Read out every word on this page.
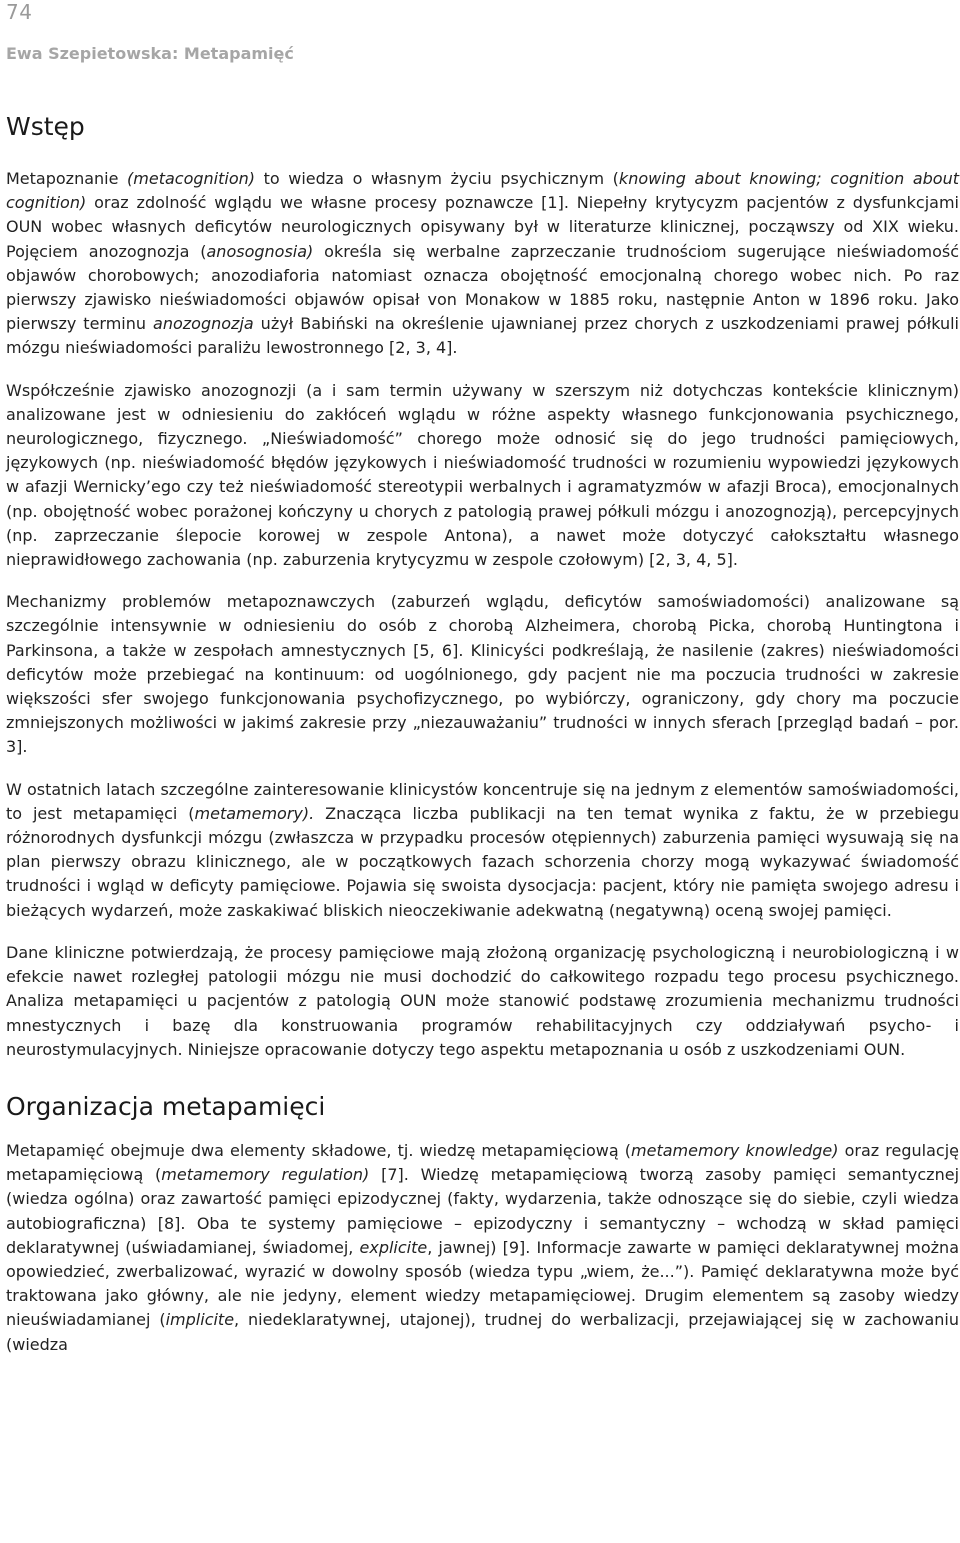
74
Ewa Szepietowska: Metapamięć
Wstęp

Metapoznanie (metacognition) to wiedza o własnym życiu psychicznym (knowing about knowing; cognition about cognition) oraz zdolność wglądu we własne procesy poznawcze [1]. Niepełny krytycyzm pacjentów z dysfunkcjami OUN wobec własnych deficytów neurologicznych opisywany był w literaturze klinicznej, począwszy od XIX wieku. Pojęciem anozognozja (anosognosia) określa się werbalne zaprzeczanie trudnościom sugerujące nieświadomość objawów chorobowych; anozodiaforia natomiast oznacza obojętność emocjonalną chorego wobec nich. Po raz pierwszy zjawisko nieświadomości objawów opisał von Monakow w 1885 roku, następnie Anton w 1896 roku. Jako pierwszy terminu anozognozja użył Babiński na określenie ujawnianej przez chorych z uszkodzeniami prawej półkuli mózgu nieświadomości paraliżu lewostronnego [2, 3, 4].

Współcześnie zjawisko anozognozji (a i sam termin używany w szerszym niż dotychczas kontekście klinicznym) analizowane jest w odniesieniu do zakłóceń wglądu w różne aspekty własnego funkcjonowania psychicznego, neurologicznego, fizycznego. „Nieświadomość” chorego może odnosić się do jego trudności pamięciowych, językowych (np. nieświadomość błędów językowych i nieświadomość trudności w rozumieniu wypowiedzi językowych w afazji Wernicky’ego czy też nieświadomość stereotypii werbalnych i agramatyzmów w afazji Broca), emocjonalnych (np. obojętność wobec porażonej kończyny u chorych z patologią prawej półkuli mózgu i anozognozją), percepcyjnych (np. zaprzeczanie ślepocie korowej w zespole Antona), a nawet może dotyczyć całokształtu własnego nieprawidłowego zachowania (np. zaburzenia krytycyzmu w zespole czołowym) [2, 3, 4, 5].

Mechanizmy problemów metapoznawczych (zaburzeń wglądu, deficytów samoświadomości) analizowane są szczególnie intensywnie w odniesieniu do osób z chorobą Alzheimera, chorobą Picka, chorobą Huntingtona i Parkinsona, a także w zespołach amnestycznych [5, 6]. Klinicyści podkreślają, że nasilenie (zakres) nieświadomości deficytów może przebiegać na kontinuum: od uogólnionego, gdy pacjent nie ma poczucia trudności w zakresie większości sfer swojego funkcjonowania psychofizycznego, po wybiórczy, ograniczony, gdy chory ma poczucie zmniejszonych możliwości w jakimś zakresie przy „niezauważaniu” trudności w innych sferach [przegląd badań – por. 3].

W ostatnich latach szczególne zainteresowanie klinicystów koncentruje się na jednym z elementów samoświadomości, to jest metapamięci (metamemory). Znacząca liczba publikacji na ten temat wynika z faktu, że w przebiegu różnorodnych dysfunkcji mózgu (zwłaszcza w przypadku procesów otępiennych) zaburzenia pamięci wysuwają się na plan pierwszy obrazu klinicznego, ale w początkowych fazach schorzenia chorzy mogą wykazywać świadomość trudności i wgląd w deficyty pamięciowe. Pojawia się swoista dysocjacja: pacjent, który nie pamięta swojego adresu i bieżących wydarzeń, może zaskakiwać bliskich nieoczekiwanie adekwatną (negatywną) oceną swojej pamięci.

Dane kliniczne potwierdzają, że procesy pamięciowe mają złożoną organizację psychologiczną i neurobiologiczną i w efekcie nawet rozległej patologii mózgu nie musi dochodzić do całkowitego rozpadu tego procesu psychicznego. Analiza metapamięci u pacjentów z patologią OUN może stanowić podstawę zrozumienia mechanizmu trudności mnestycznych i bazę dla konstruowania programów rehabilitacyjnych czy oddziaływań psycho- i neurostymulacyjnych. Niniejsze opracowanie dotyczy tego aspektu metapoznania u osób z uszkodzeniami OUN.

Organizacja metapamięci

Metapamięć obejmuje dwa elementy składowe, tj. wiedzę metapamięciową (metamemory knowledge) oraz regulację metapamięciową (metamemory regulation) [7]. Wiedzę metapamięciową tworzą zasoby pamięci semantycznej (wiedza ogólna) oraz zawartość pamięci epizodycznej (fakty, wydarzenia, także odnoszące się do siebie, czyli wiedza autobiograficzna) [8]. Oba te systemy pamięciowe – epizodyczny i semantyczny – wchodzą w skład pamięci deklaratywnej (uświadamianej, świadomej, explicite, jawnej) [9]. Informacje zawarte w pamięci deklaratywnej można opowiedzieć, zwerbalizować, wyrazić w dowolny sposób (wiedza typu „wiem, że...”). Pamięć deklaratywna może być traktowana jako główny, ale nie jedyny, element wiedzy metapamięciowej. Drugim elementem są zasoby wiedzy nieuświadamianej (implicite, niedeklaratywnej, utajonej), trudnej do werbalizacji, przejawiającej się w zachowaniu (wiedza
